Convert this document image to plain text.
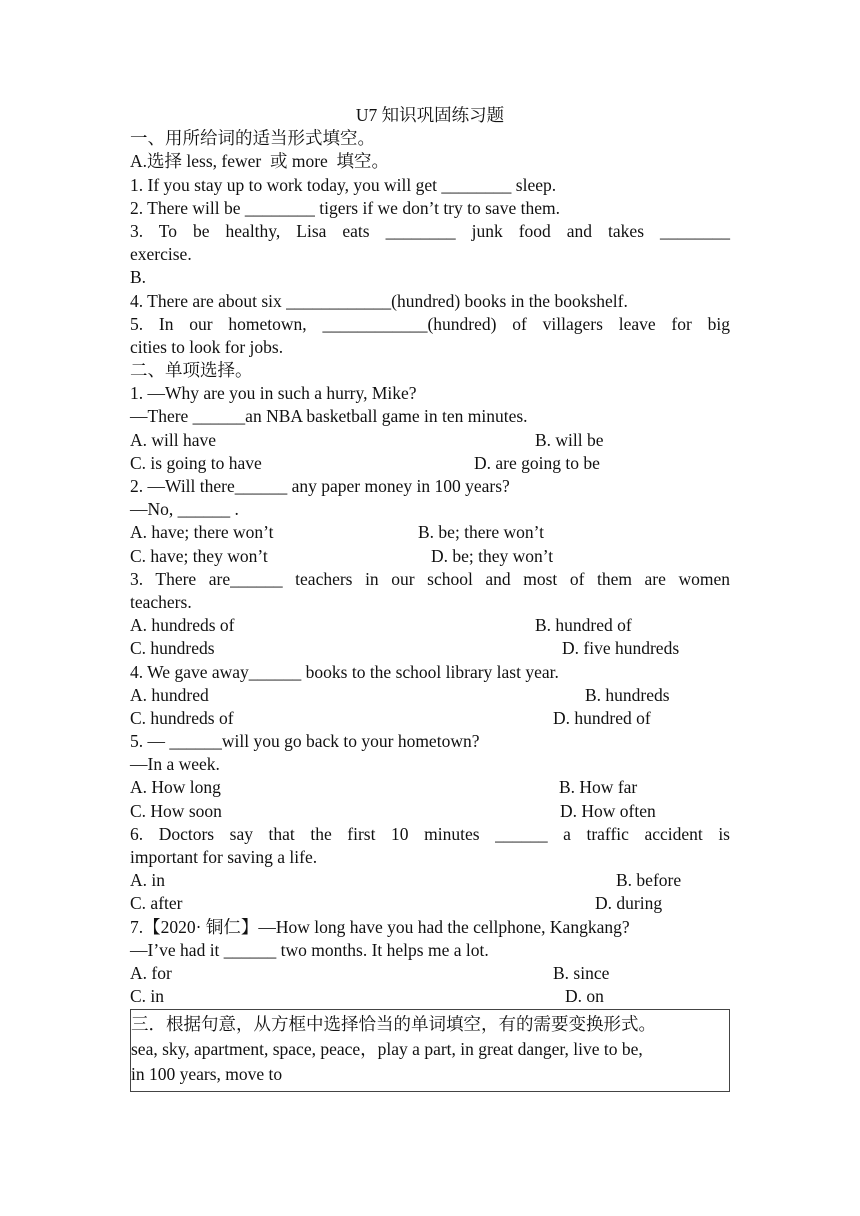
U7 知识巩固练习题
一、用所给词的适当形式填空。
A.选择 less, fewer  或 more  填空。
1. If you stay up to work today, you will get ________ sleep.
2. There will be ________ tigers if we don’t try to save them.
3. To be healthy, Lisa eats ________ junk food and takes ________
exercise.
B.
4. There are about six ____________(hundred) books in the bookshelf.
5. In our hometown, ____________(hundred) of villagers leave for big
cities to look for jobs.
二、单项选择。
1. —Why are you in such a hurry, Mike?
—There ______an NBA basketball game in ten minutes.
A. will have	B. will be
C. is going to have	D. are going to be
2. —Will there______ any paper money in 100 years?
—No, ______ .
A. have; there won’t	B. be; there won’t
C. have; they won’t	D. be; they won’t
3. There are______ teachers in our school and most of them are women
teachers.
A. hundreds of	B. hundred of
C. hundreds	D. five hundreds
4. We gave away______ books to the school library last year.
A. hundred	B. hundreds
C. hundreds of	D. hundred of
5. — ______will you go back to your hometown?
—In a week.
A. How long	B. How far
C. How soon	D. How often
6. Doctors say that the first 10 minutes ______ a traffic accident is
important for saving a life.
A. in	B. before
C. after	D. during
7.【2020· 铜仁】—How long have you had the cellphone, Kangkang?
—I’ve had it ______ two months. It helps me a lot.
A. for	B. since
C. in	D. on
三．根据句意，从方框中选择恰当的单词填空，有的需要变换形式。
sea, sky, apartment, space, peace，play a part, in great danger, live to be,
in 100 years, move to
